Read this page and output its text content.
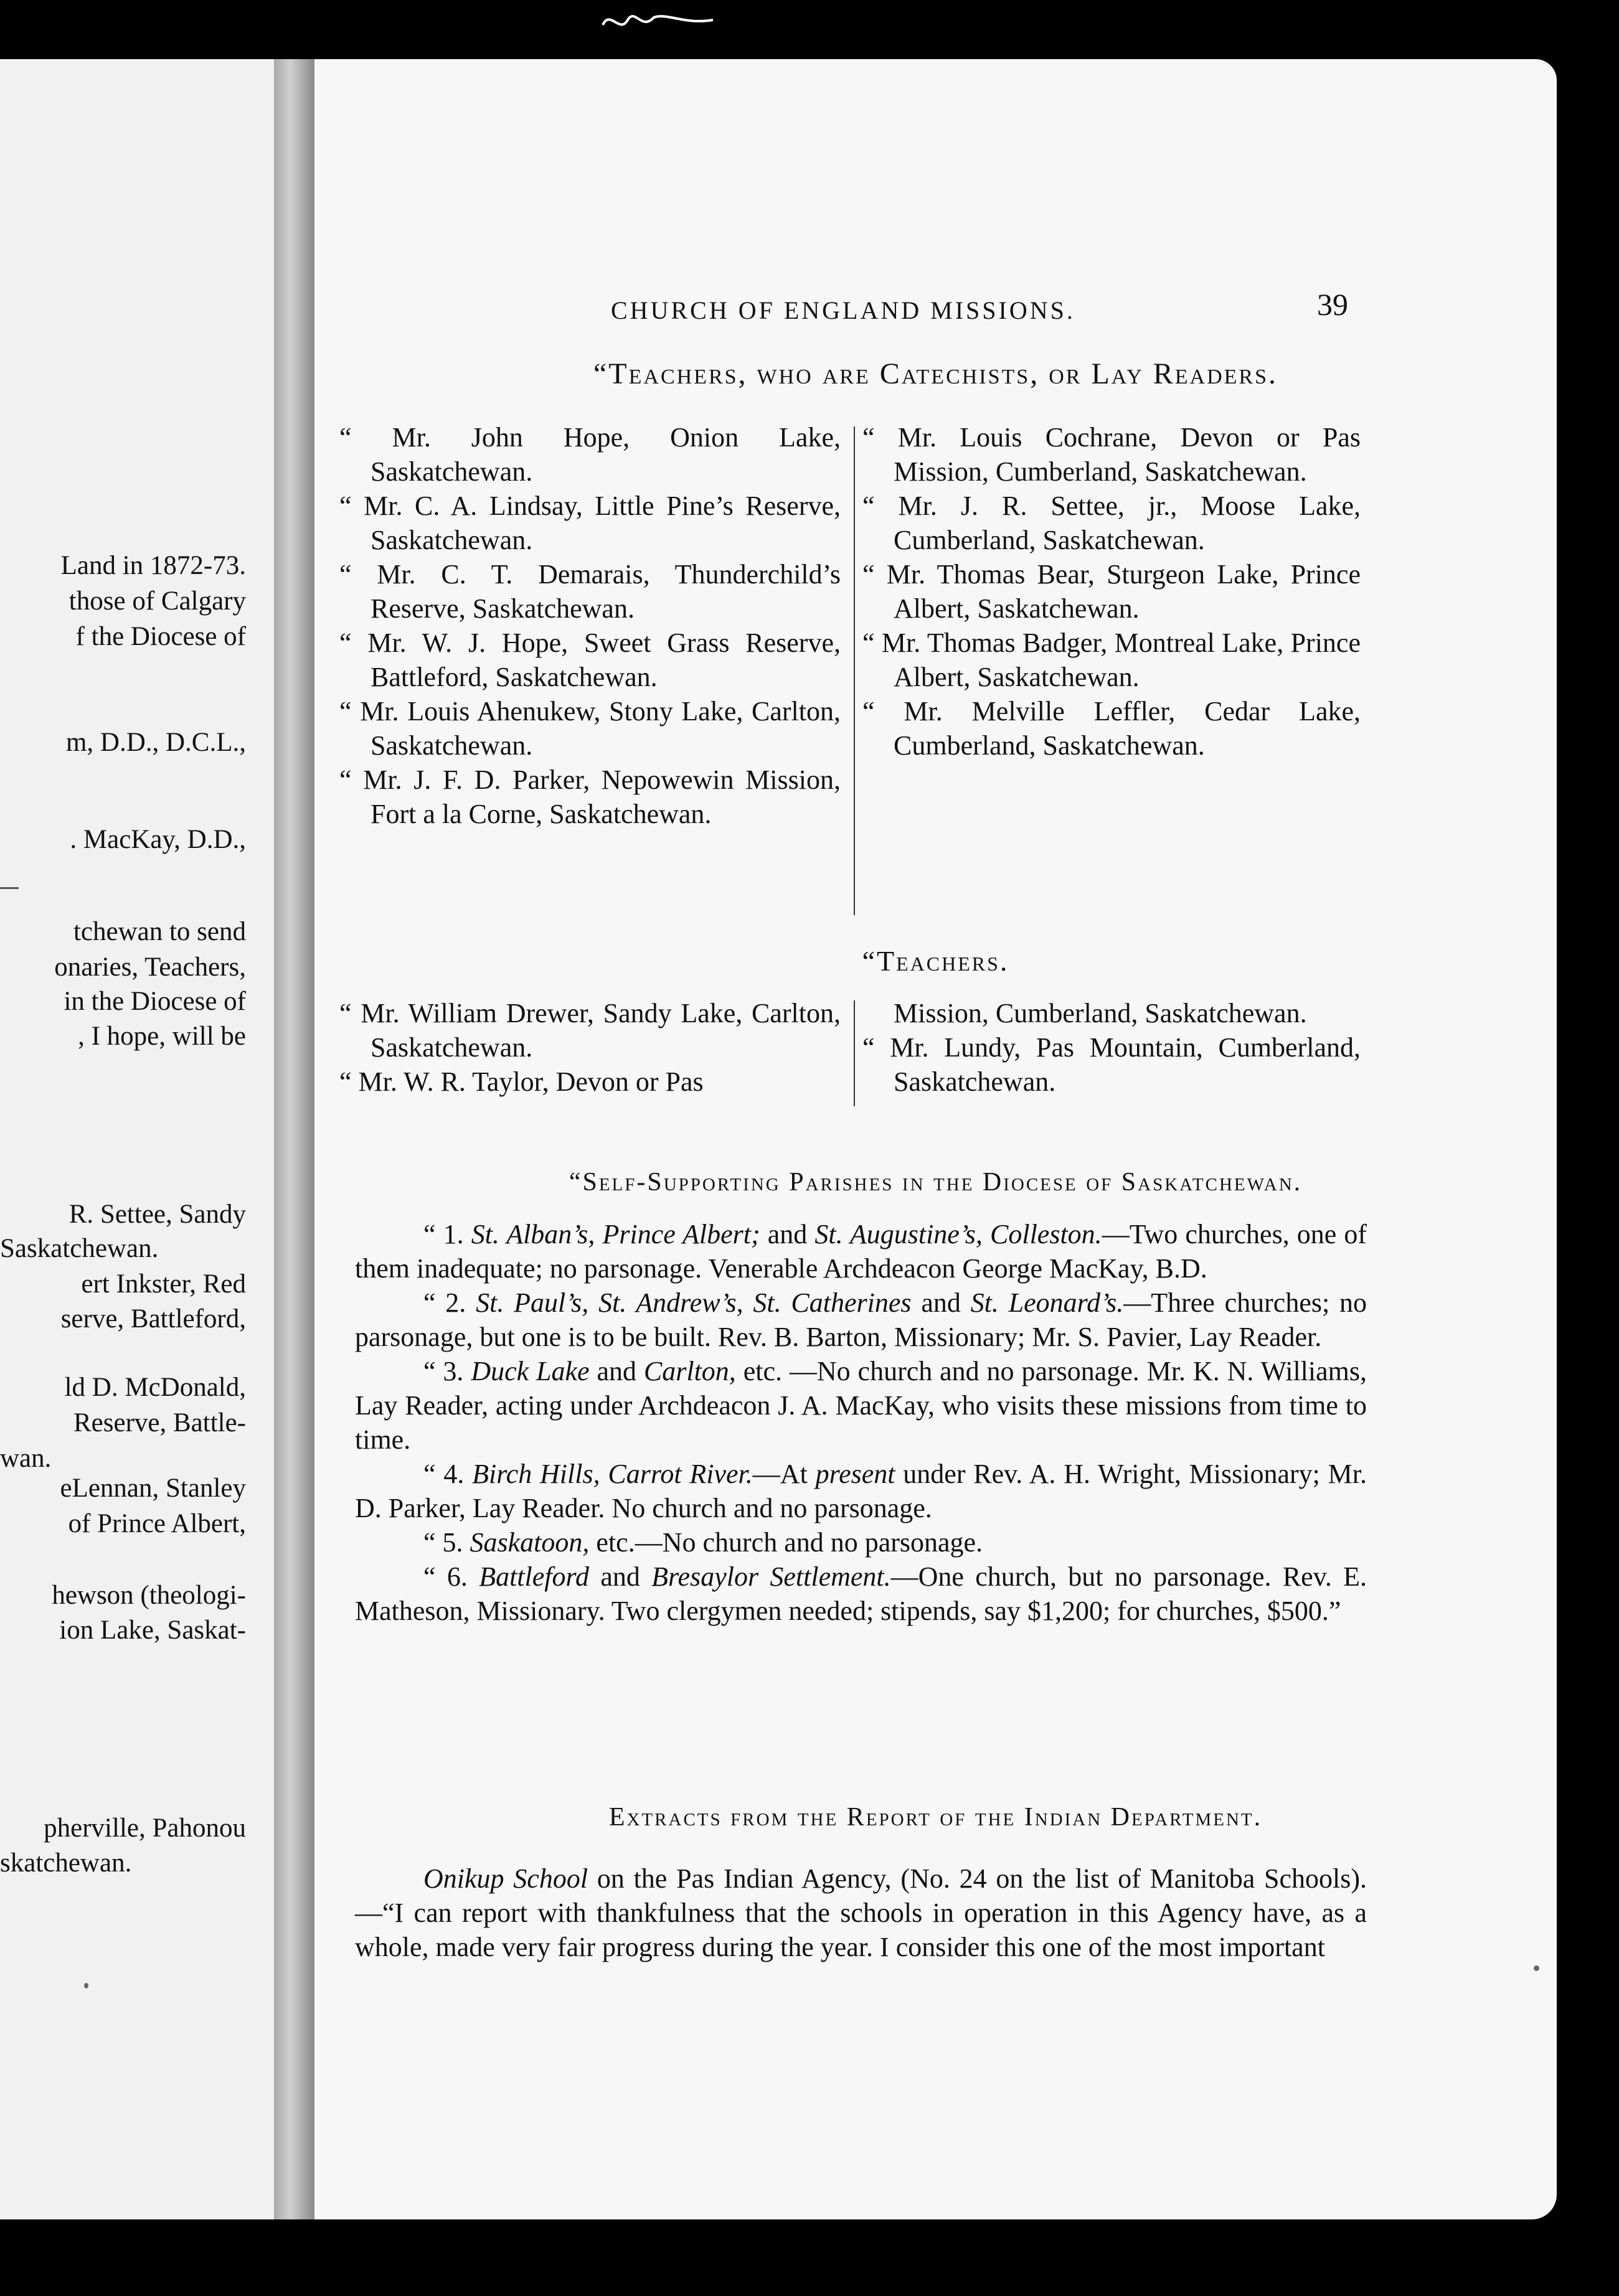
Land in 1872-73.
those of Calgary
f the Diocese of
m, D.D., D.C.L.,
. MacKay, D.D.,
tchewan to send
onaries, Teachers,
in the Diocese of
, I hope, will be
R. Settee, Sandy
Saskatchewan.
ert Inkster, Red
serve, Battleford,
ld D. McDonald,
Reserve, Battle-
wan.
eLennan, Stanley
of Prince Albert,
hewson (theologi-
ion Lake, Saskat-
pherville, Pahonou
skatchewan.
CHURCH OF ENGLAND MISSIONS.	39
“Teachers, who are Catechists, or Lay Readers.
“ Mr. John Hope, Onion Lake, Saskatchewan.
“ Mr. C. A. Lindsay, Little Pine’s Reserve, Saskatchewan.
“ Mr. C. T. Demarais, Thunderchild’s Reserve, Saskatchewan.
“ Mr. W. J. Hope, Sweet Grass Reserve, Battleford, Saskatchewan.
“ Mr. Louis Ahenukew, Stony Lake, Carlton, Saskatchewan.
“ Mr. J. F. D. Parker, Nepowewin Mission, Fort a la Corne, Saskatchewan.
“ Mr. Louis Cochrane, Devon or Pas Mission, Cumberland, Saskatchewan.
“ Mr. J. R. Settee, jr., Moose Lake, Cumberland, Saskatchewan.
“ Mr. Thomas Bear, Sturgeon Lake, Prince Albert, Saskatchewan.
“ Mr. Thomas Badger, Montreal Lake, Prince Albert, Saskatchewan.
“ Mr. Melville Leffler, Cedar Lake, Cumberland, Saskatchewan.
“Teachers.
“ Mr. William Drewer, Sandy Lake, Carlton, Saskatchewan.
“ Mr. W. R. Taylor, Devon or Pas
Mission, Cumberland, Saskatchewan.
“ Mr. Lundy, Pas Mountain, Cumberland, Saskatchewan.
“Self-Supporting Parishes in the Diocese of Saskatchewan.

“ 1. St. Alban’s, Prince Albert; and St. Augustine’s, Colleston.—Two churches, one of them inadequate; no parsonage. Venerable Archdeacon George MacKay, B.D.

“ 2. St. Paul’s, St. Andrew’s, St. Catherines and St. Leonard’s.—Three churches; no parsonage, but one is to be built. Rev. B. Barton, Missionary; Mr. S. Pavier, Lay Reader.

“ 3. Duck Lake and Carlton, etc. —No church and no parsonage. Mr. K. N. Williams, Lay Reader, acting under Archdeacon J. A. MacKay, who visits these missions from time to time.

“ 4. Birch Hills, Carrot River.—At present under Rev. A. H. Wright, Missionary; Mr. D. Parker, Lay Reader. No church and no parsonage.

“ 5. Saskatoon, etc.—No church and no parsonage.

“ 6. Battleford and Bresaylor Settlement.—One church, but no parsonage. Rev. E. Matheson, Missionary. Two clergymen needed; stipends, say $1,200; for churches, $500.”

Extracts from the Report of the Indian Department.

Onikup School on the Pas Indian Agency, (No. 24 on the list of Manitoba Schools).—“I can report with thankfulness that the schools in operation in this Agency have, as a whole, made very fair progress during the year. I consider this one of the most important
